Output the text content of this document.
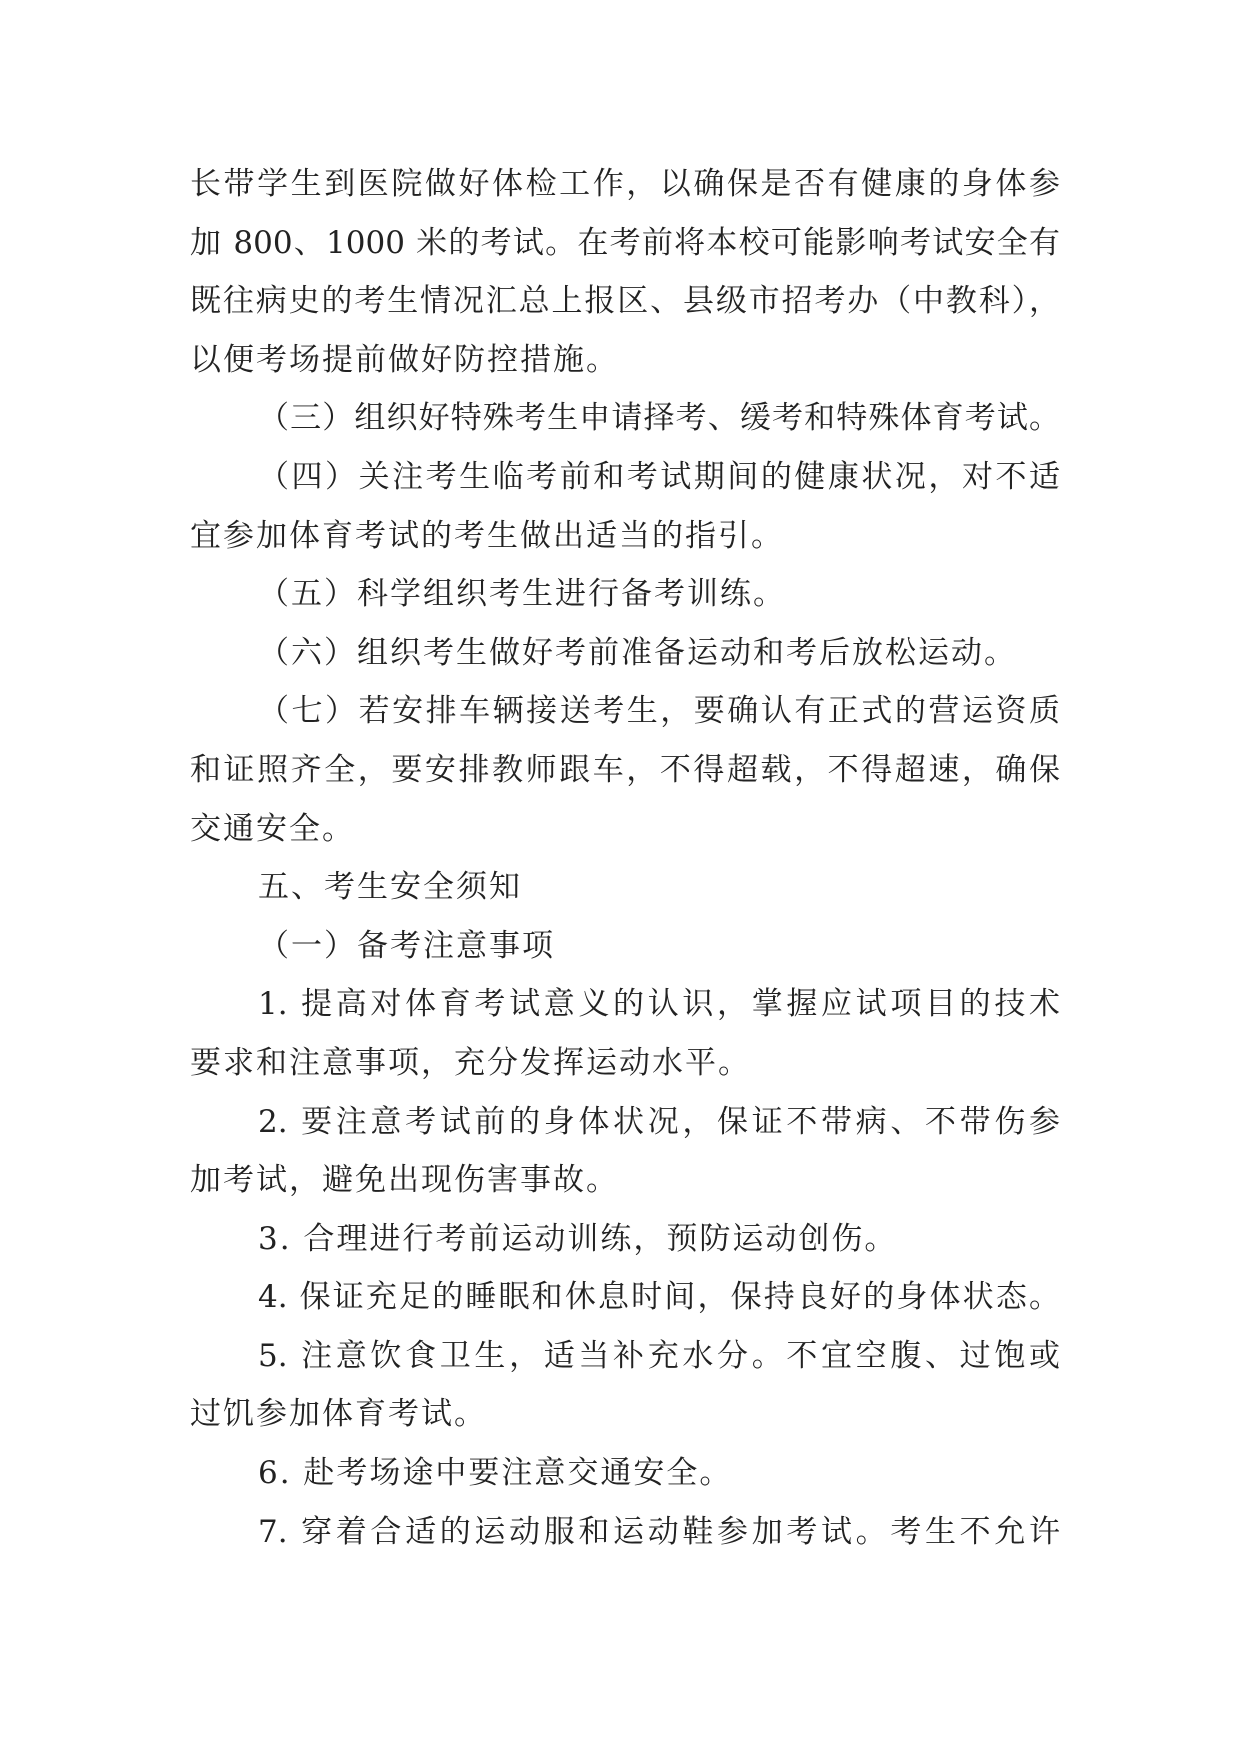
长带学生到医院做好体检工作，以确保是否有健康的身体参
加 800、1000 米的考试。在考前将本校可能影响考试安全有
既往病史的考生情况汇总上报区、县级市招考办（中教科），
以便考场提前做好防控措施。
（三）组织好特殊考生申请择考、缓考和特殊体育考试。
（四）关注考生临考前和考试期间的健康状况，对不适
宜参加体育考试的考生做出适当的指引。
（五）科学组织考生进行备考训练。
（六）组织考生做好考前准备运动和考后放松运动。
（七）若安排车辆接送考生，要确认有正式的营运资质
和证照齐全，要安排教师跟车，不得超载，不得超速，确保
交通安全。
五、考生安全须知
（一）备考注意事项
1. 提高对体育考试意义的认识，掌握应试项目的技术
要求和注意事项，充分发挥运动水平。
2. 要注意考试前的身体状况，保证不带病、不带伤参
加考试，避免出现伤害事故。
3. 合理进行考前运动训练，预防运动创伤。
4. 保证充足的睡眠和休息时间，保持良好的身体状态。
5. 注意饮食卫生，适当补充水分。不宜空腹、过饱或
过饥参加体育考试。
6. 赴考场途中要注意交通安全。
7. 穿着合适的运动服和运动鞋参加考试。考生不允许
